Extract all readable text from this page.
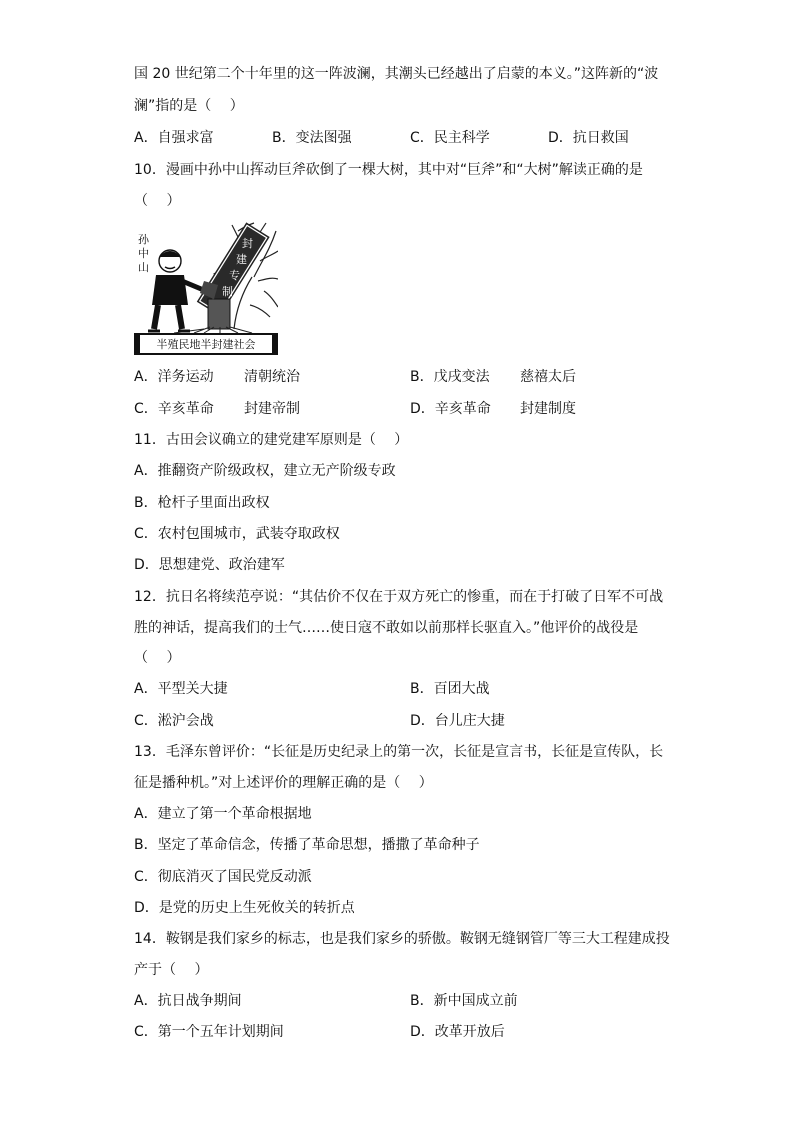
国 20 世纪第二个十年里的这一阵波澜，其潮头已经越出了启蒙的本义。”这阵新的“波
澜”指的是（　 ）
A．自强求富	B．变法图强	C．民主科学	D．抗日救国
10．漫画中孙中山挥动巨斧砍倒了一棵大树，其中对“巨斧”和“大树”解读正确的是
（　 ）
封
建
专
制
孙
中
山
半殖民地半封建社会
A．洋务运动 清朝统治	B．戊戌变法 慈禧太后
C．辛亥革命 封建帝制	D．辛亥革命 封建制度
11．古田会议确立的建党建军原则是（　 ）
A．推翻资产阶级政权，建立无产阶级专政
B．枪杆子里面出政权
C．农村包围城市，武装夺取政权
D．思想建党、政治建军
12．抗日名将续范亭说：“其估价不仅在于双方死亡的惨重，而在于打破了日军不可战
胜的神话，提高我们的士气……使日寇不敢如以前那样长驱直入。”他评价的战役是
（　 ）
A．平型关大捷	B．百团大战
C．淞沪会战	D．台儿庄大捷
13．毛泽东曾评价：“长征是历史纪录上的第一次，长征是宣言书，长征是宣传队，长
征是播种机。”对上述评价的理解正确的是（　 ）
A．建立了第一个革命根据地
B．坚定了革命信念，传播了革命思想，播撒了革命种子
C．彻底消灭了国民党反动派
D．是党的历史上生死攸关的转折点
14．鞍钢是我们家乡的标志，也是我们家乡的骄傲。鞍钢无缝钢管厂等三大工程建成投
产于（　 ）
A．抗日战争期间	B．新中国成立前
C．第一个五年计划期间	D．改革开放后
